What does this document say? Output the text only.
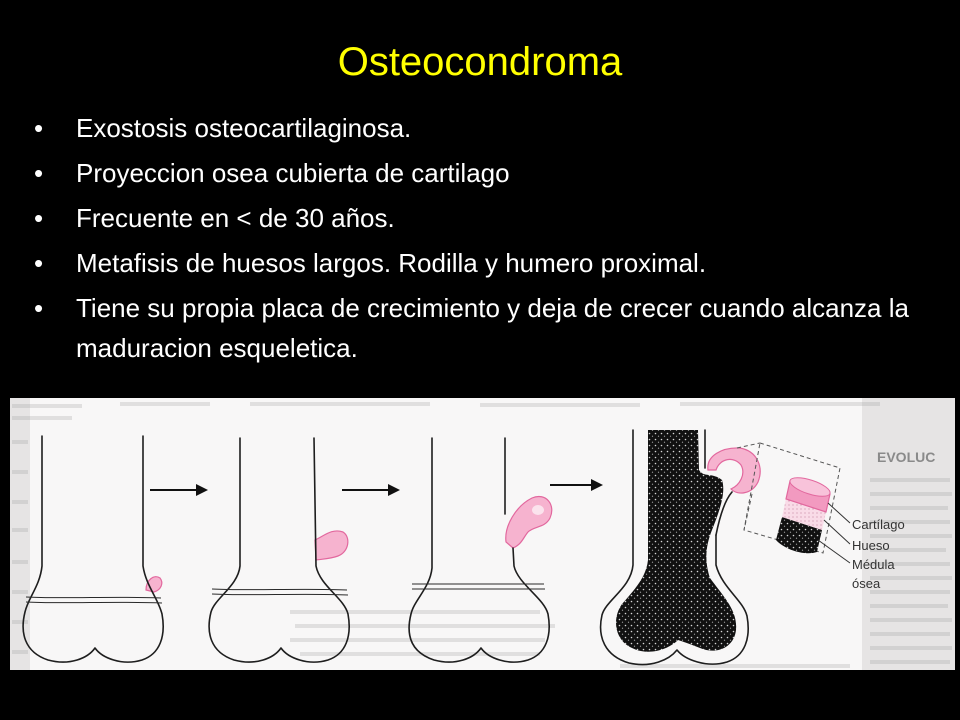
Osteocondroma
• Exostosis osteocartilaginosa.
• Proyeccion osea cubierta de cartilago
• Frecuente en < de 30 años.
• Metafisis de huesos largos. Rodilla y humero proximal.
• Tiene su propia placa de crecimiento y deja de crecer cuando alcanza la maduracion esqueletica.
EVOLUC
Cartílago
Hueso
Médula
ósea
